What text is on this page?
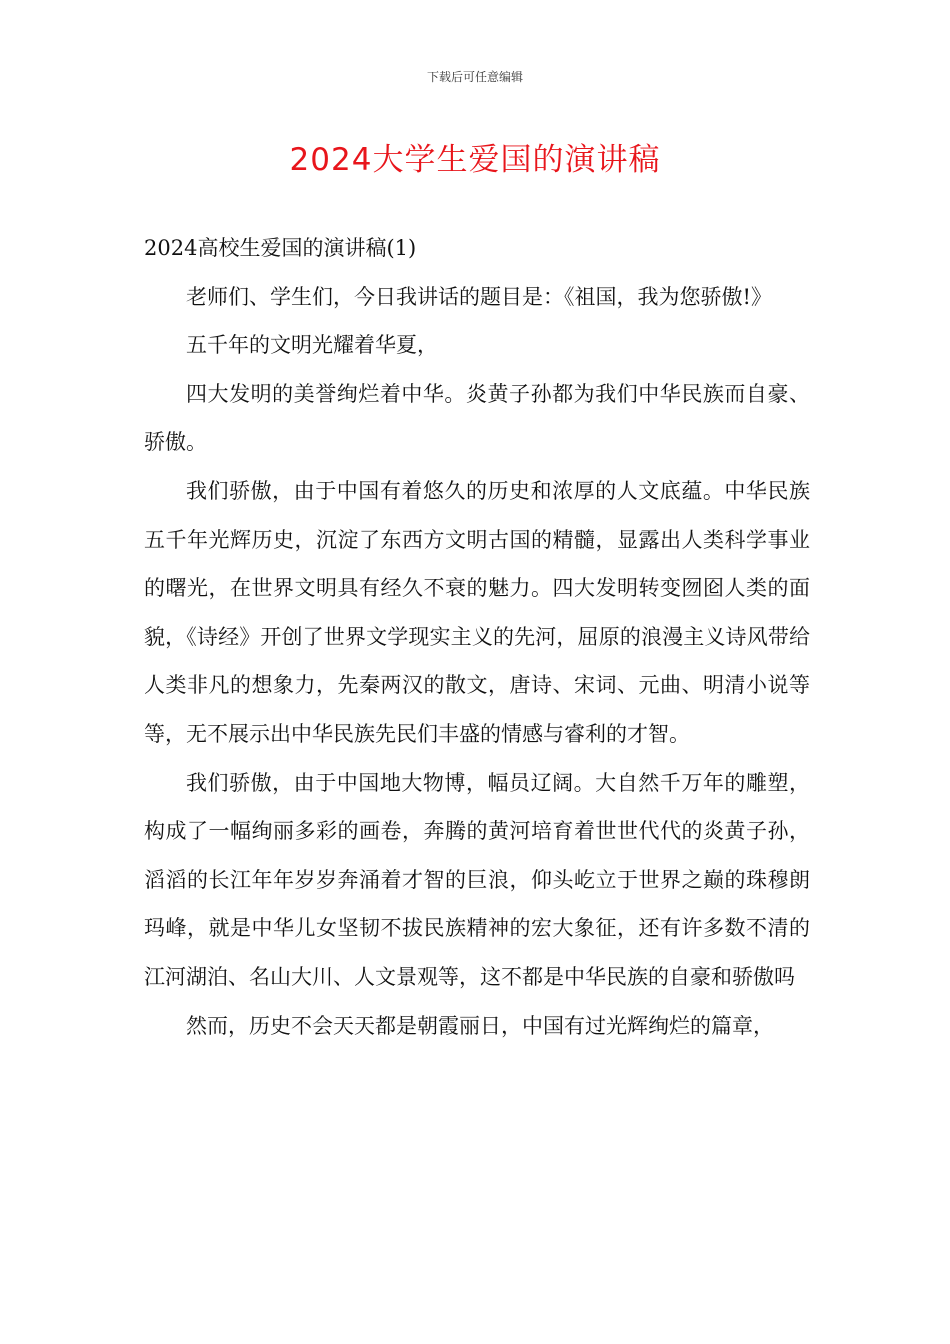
下载后可任意编辑
2024大学生爱国的演讲稿

2024高校生爱国的演讲稿(1)

老师们、学生们，今日我讲话的题目是：《祖国，我为您骄傲!》

五千年的文明光耀着华夏，

四大发明的美誉绚烂着中华。炎黄子孙都为我们中华民族而自豪、骄傲。

我们骄傲，由于中国有着悠久的历史和浓厚的人文底蕴。中华民族五千年光辉历史，沉淀了东西方文明古国的精髓，显露出人类科学事业的曙光，在世界文明具有经久不衰的魅力。四大发明转变囫囵人类的面貌，《诗经》开创了世界文学现实主义的先河，屈原的浪漫主义诗风带给人类非凡的想象力，先秦两汉的散文，唐诗、宋词、元曲、明清小说等等，无不展示出中华民族先民们丰盛的情感与睿利的才智。

我们骄傲，由于中国地大物博，幅员辽阔。大自然千万年的雕塑，构成了一幅绚丽多彩的画卷，奔腾的黄河培育着世世代代的炎黄子孙，滔滔的长江年年岁岁奔涌着才智的巨浪，仰头屹立于世界之巅的珠穆朗玛峰，就是中华儿女坚韧不拔民族精神的宏大象征，还有许多数不清的江河湖泊、名山大川、人文景观等，这不都是中华民族的自豪和骄傲吗

然而，历史不会天天都是朝霞丽日，中国有过光辉绚烂的篇章，
